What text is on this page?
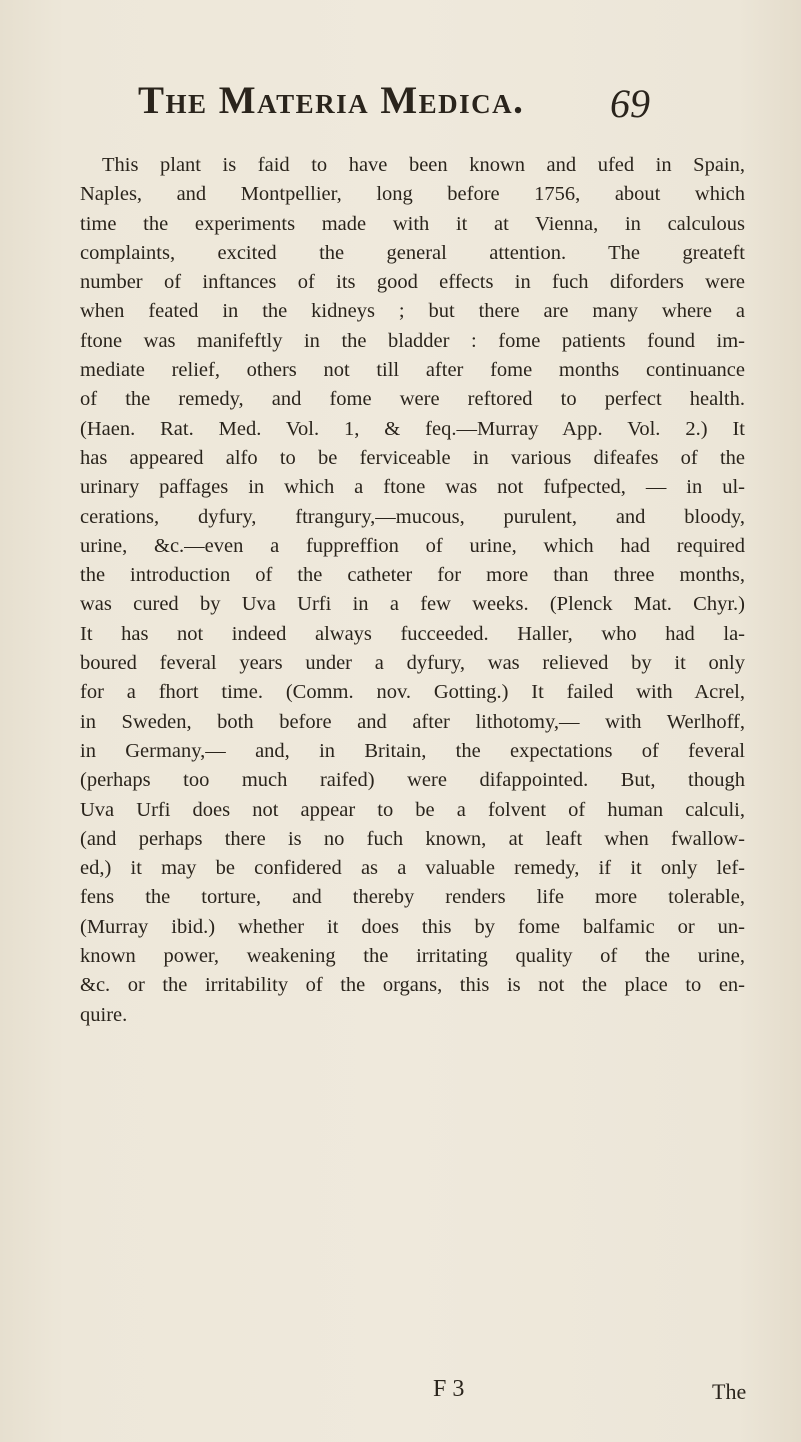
The Materia Medica. 69
This plant is faid to have been known and ufed in Spain,
Naples, and Montpellier, long before 1756, about which
time the experiments made with it at Vienna, in calculous
complaints, excited the general attention. The greateft
number of inftances of its good effects in fuch diforders were
when feated in the kidneys ; but there are many where a
ftone was manifeftly in the bladder : fome patients found im-
mediate relief, others not till after fome months continuance
of the remedy, and fome were reftored to perfect health.
(Haen. Rat. Med. Vol. 1, & feq.—Murray App. Vol. 2.) It
has appeared alfo to be ferviceable in various difeafes of the
urinary paffages in which a ftone was not fufpected, — in ul-
cerations, dyfury, ftrangury,—mucous, purulent, and bloody,
urine, &c.—even a fuppreffion of urine, which had required
the introduction of the catheter for more than three months,
was cured by Uva Urfi in a few weeks. (Plenck Mat. Chyr.)
It has not indeed always fucceeded. Haller, who had la-
boured feveral years under a dyfury, was relieved by it only
for a fhort time. (Comm. nov. Gotting.) It failed with Acrel,
in Sweden, both before and after lithotomy,— with Werlhoff,
in Germany,— and, in Britain, the expectations of feveral
(perhaps too much raifed) were difappointed. But, though
Uva Urfi does not appear to be a folvent of human calculi,
(and perhaps there is no fuch known, at leaft when fwallow-
ed,) it may be confidered as a valuable remedy, if it only lef-
fens the torture, and thereby renders life more tolerable,
(Murray ibid.) whether it does this by fome balfamic or un-
known power, weakening the irritating quality of the urine,
&c. or the irritability of the organs, this is not the place to en-
quire.
F 3	The
